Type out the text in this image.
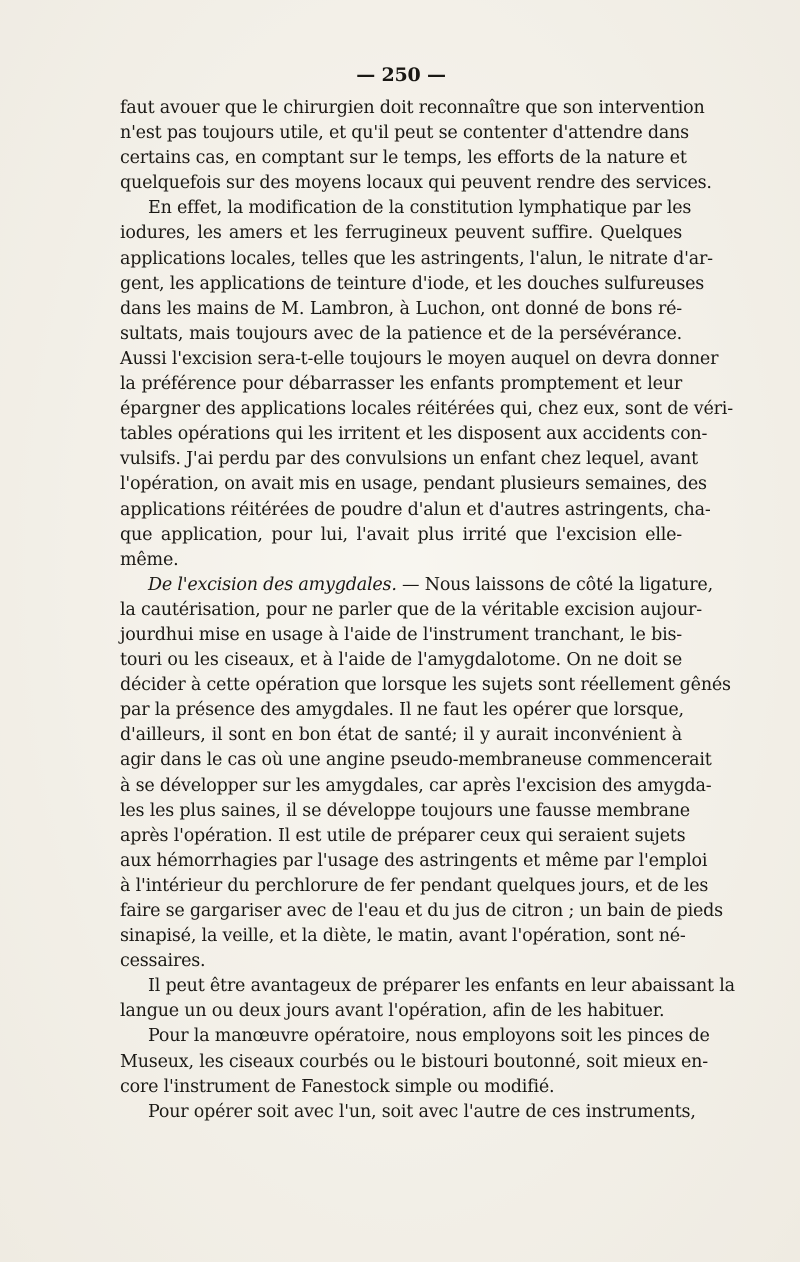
— 250 —
faut avouer que le chirurgien doit reconnaître que son intervention
n'est pas toujours utile, et qu'il peut se contenter d'attendre dans
certains cas, en comptant sur le temps, les efforts de la nature et
quelquefois sur des moyens locaux qui peuvent rendre des services.
En effet, la modification de la constitution lymphatique par les
iodures, les amers et les ferrugineux peuvent suffire. Quelques
applications locales, telles que les astringents, l'alun, le nitrate d'ar-
gent, les applications de teinture d'iode, et les douches sulfureuses
dans les mains de M. Lambron, à Luchon, ont donné de bons ré-
sultats, mais toujours avec de la patience et de la persévérance.
Aussi l'excision sera-t-elle toujours le moyen auquel on devra donner
la préférence pour débarrasser les enfants promptement et leur
épargner des applications locales réitérées qui, chez eux, sont de véri-
tables opérations qui les irritent et les disposent aux accidents con-
vulsifs. J'ai perdu par des convulsions un enfant chez lequel, avant
l'opération, on avait mis en usage, pendant plusieurs semaines, des
applications réitérées de poudre d'alun et d'autres astringents, cha-
que application, pour lui, l'avait plus irrité que l'excision elle-
même.
De l'excision des amygdales. — Nous laissons de côté la ligature,
la cautérisation, pour ne parler que de la véritable excision aujour-
jourdhui mise en usage à l'aide de l'instrument tranchant, le bis-
touri ou les ciseaux, et à l'aide de l'amygdalotome. On ne doit se
décider à cette opération que lorsque les sujets sont réellement gênés
par la présence des amygdales. Il ne faut les opérer que lorsque,
d'ailleurs, il sont en bon état de santé; il y aurait inconvénient à
agir dans le cas où une angine pseudo-membraneuse commencerait
à se développer sur les amygdales, car après l'excision des amygda-
les les plus saines, il se développe toujours une fausse membrane
après l'opération. Il est utile de préparer ceux qui seraient sujets
aux hémorrhagies par l'usage des astringents et même par l'emploi
à l'intérieur du perchlorure de fer pendant quelques jours, et de les
faire se gargariser avec de l'eau et du jus de citron ; un bain de pieds
sinapisé, la veille, et la diète, le matin, avant l'opération, sont né-
cessaires.
Il peut être avantageux de préparer les enfants en leur abaissant la
langue un ou deux jours avant l'opération, afin de les habituer.
Pour la manœuvre opératoire, nous employons soit les pinces de
Museux, les ciseaux courbés ou le bistouri boutonné, soit mieux en-
core l'instrument de Fanestock simple ou modifié.
Pour opérer soit avec l'un, soit avec l'autre de ces instruments,
